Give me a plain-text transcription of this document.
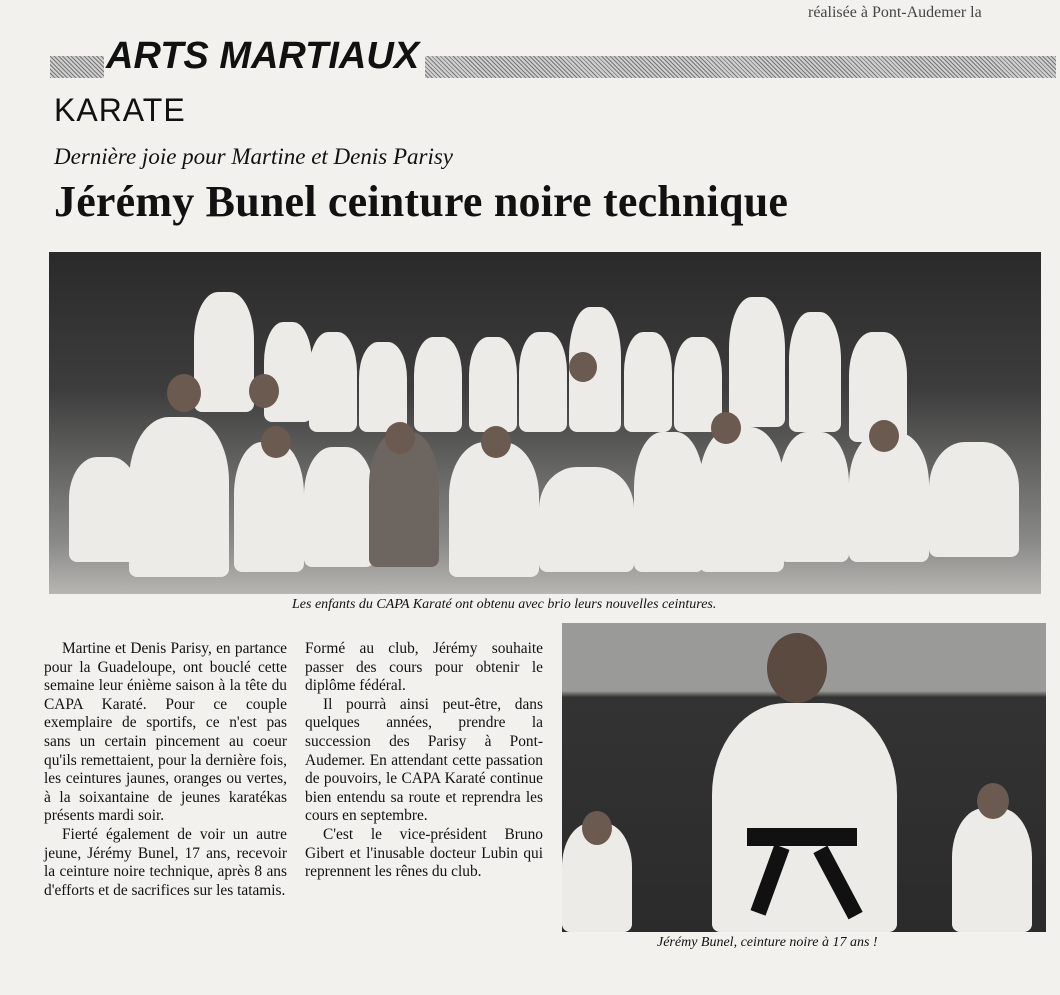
réalisée à Pont-Audemer la
ARTS MARTIAUX
KARATE
Dernière joie pour Martine et Denis Parisy
Jérémy Bunel ceinture noire technique
Les enfants du CAPA Karaté ont obtenu avec brio leurs nouvelles ceintures.

Martine et Denis Parisy, en partance pour la Guadeloupe, ont bouclé cette semaine leur énième saison à la tête du CAPA Karaté. Pour ce couple exemplaire de sportifs, ce n'est pas sans un certain pincement au coeur qu'ils remettaient, pour la dernière fois, les ceintures jaunes, oranges ou vertes, à la soixantaine de jeunes karatékas présents mardi soir.

Fierté également de voir un autre jeune, Jérémy Bunel, 17 ans, recevoir la ceinture noire technique, après 8 ans d'efforts et de sacrifices sur les tatamis.

Formé au club, Jérémy souhaite passer des cours pour obtenir le diplôme fédéral.

Il pourrà ainsi peut-être, dans quelques années, prendre la succession des Parisy à Pont-Audemer. En attendant cette passation de pouvoirs, le CAPA Karaté continue bien entendu sa route et reprendra les cours en septembre.

C'est le vice-président Bruno Gibert et l'inusable docteur Lubin qui reprennent les rênes du club.

Jérémy Bunel, ceinture noire à 17 ans !
